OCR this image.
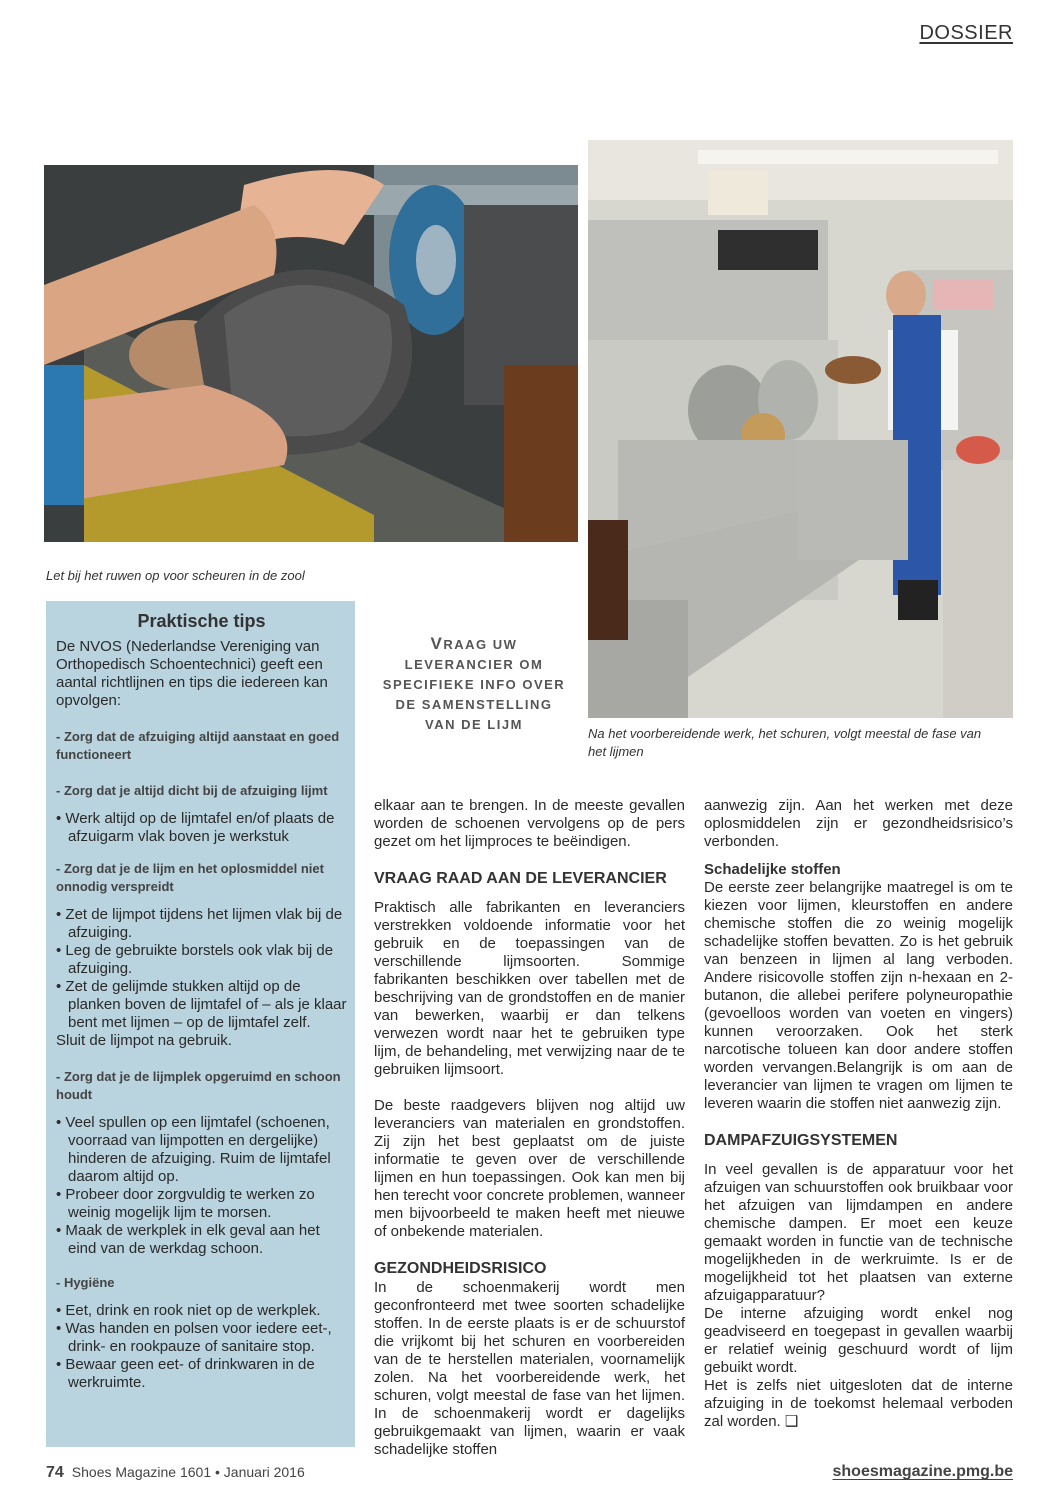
DOSSIER
Let bij het ruwen op voor scheuren in de zool
Na het voorbereidende werk, het schuren, volgt meestal de fase van het lijmen
Praktische tips

De NVOS (Nederlandse Vereniging van Orthopedisch Schoentechnici) geeft een aantal richtlijnen en tips die iedereen kan opvolgen:

- Zorg dat de afzuiging altijd aanstaat en goed functioneert
- Zorg dat je altijd dicht bij de afzuiging lijmt
• Werk altijd op de lijmtafel en/of plaats de afzuigarm vlak boven je werkstuk
- Zorg dat je de lijm en het oplosmiddel niet onnodig verspreidt
• Zet de lijmpot tijdens het lijmen vlak bij de afzuiging.
• Leg de gebruikte borstels ook vlak bij de afzuiging.
• Zet de gelijmde stukken altijd op de planken boven de lijmtafel of – als je klaar bent met lijmen – op de lijmtafel zelf.
Sluit de lijmpot na gebruik.
- Zorg dat je de lijmplek opgeruimd en schoon houdt
• Veel spullen op een lijmtafel (schoenen, voorraad van lijmpotten en dergelijke) hinderen de afzuiging. Ruim de lijmtafel daarom altijd op.
• Probeer door zorgvuldig te werken zo weinig mogelijk lijm te morsen.
• Maak de werkplek in elk geval aan het eind van de werkdag schoon.
- Hygiëne
• Eet, drink en rook niet op de werkplek.
• Was handen en polsen voor iedere eet-, drink- en rookpauze of sanitaire stop.
• Bewaar geen eet- of drinkwaren in de werkruimte.
VRAAG UW LEVERANCIER OM SPECIFIEKE INFO OVER DE SAMENSTELLING VAN DE LIJM

elkaar aan te brengen. In de meeste gevallen worden de schoenen vervolgens op de pers gezet om het lijmproces te beëindigen.

VRAAG RAAD AAN DE LEVERANCIER

Praktisch alle fabrikanten en leveranciers verstrekken voldoende informatie voor het gebruik en de toepassingen van de verschillende lijmsoorten. Sommige fabrikanten beschikken over tabellen met de beschrijving van de grondstoffen en de manier van bewerken, waarbij er dan telkens verwezen wordt naar het te gebruiken type lijm, de behandeling, met verwijzing naar de te gebruiken lijmsoort.

De beste raadgevers blijven nog altijd uw leveranciers van materialen en grondstoffen. Zij zijn het best geplaatst om de juiste informatie te geven over de verschillende lijmen en hun toepassingen. Ook kan men bij hen terecht voor concrete problemen, wanneer men bijvoorbeeld te maken heeft met nieuwe of onbekende materialen.

GEZONDHEIDSRISICO

In de schoenmakerij wordt men geconfronteerd met twee soorten schadelijke stoffen. In de eerste plaats is er de schuurstof die vrijkomt bij het schuren en voorbereiden van de te herstellen materialen, voornamelijk zolen. Na het voorbereidende werk, het schuren, volgt meestal de fase van het lijmen. In de schoenmakerij wordt er dagelijks gebruikgemaakt van lijmen, waarin er vaak schadelijke stoffen

aanwezig zijn. Aan het werken met deze oplosmiddelen zijn er gezondheidsrisico’s verbonden.

Schadelijke stoffen

De eerste zeer belangrijke maatregel is om te kiezen voor lijmen, kleurstoffen en andere chemische stoffen die zo weinig mogelijk schadelijke stoffen bevatten. Zo is het gebruik van benzeen in lijmen al lang verboden. Andere risicovolle stoffen zijn n-hexaan en 2-butanon, die allebei perifere polyneuropathie (gevoelloos worden van voeten en vingers) kunnen veroorzaken. Ook het sterk narcotische tolueen kan door andere stoffen worden vervangen.Belangrijk is om aan de leverancier van lijmen te vragen om lijmen te leveren waarin die stoffen niet aanwezig zijn.

DAMPAFZUIGSYSTEMEN

In veel gevallen is de apparatuur voor het afzuigen van schuurstoffen ook bruikbaar voor het afzuigen van lijmdampen en andere chemische dampen. Er moet een keuze gemaakt worden in functie van de technische mogelijkheden in de werkruimte. Is er de mogelijkheid tot het plaatsen van externe afzuigapparatuur?

De interne afzuiging wordt enkel nog geadviseerd en toegepast in gevallen waarbij er relatief weinig geschuurd wordt of lijm gebuikt wordt.

Het is zelfs niet uitgesloten dat de interne afzuiging in de toekomst helemaal verboden zal worden. ❑

74 Shoes Magazine 1601 • Januari 2016	shoesmagazine.pmg.be
